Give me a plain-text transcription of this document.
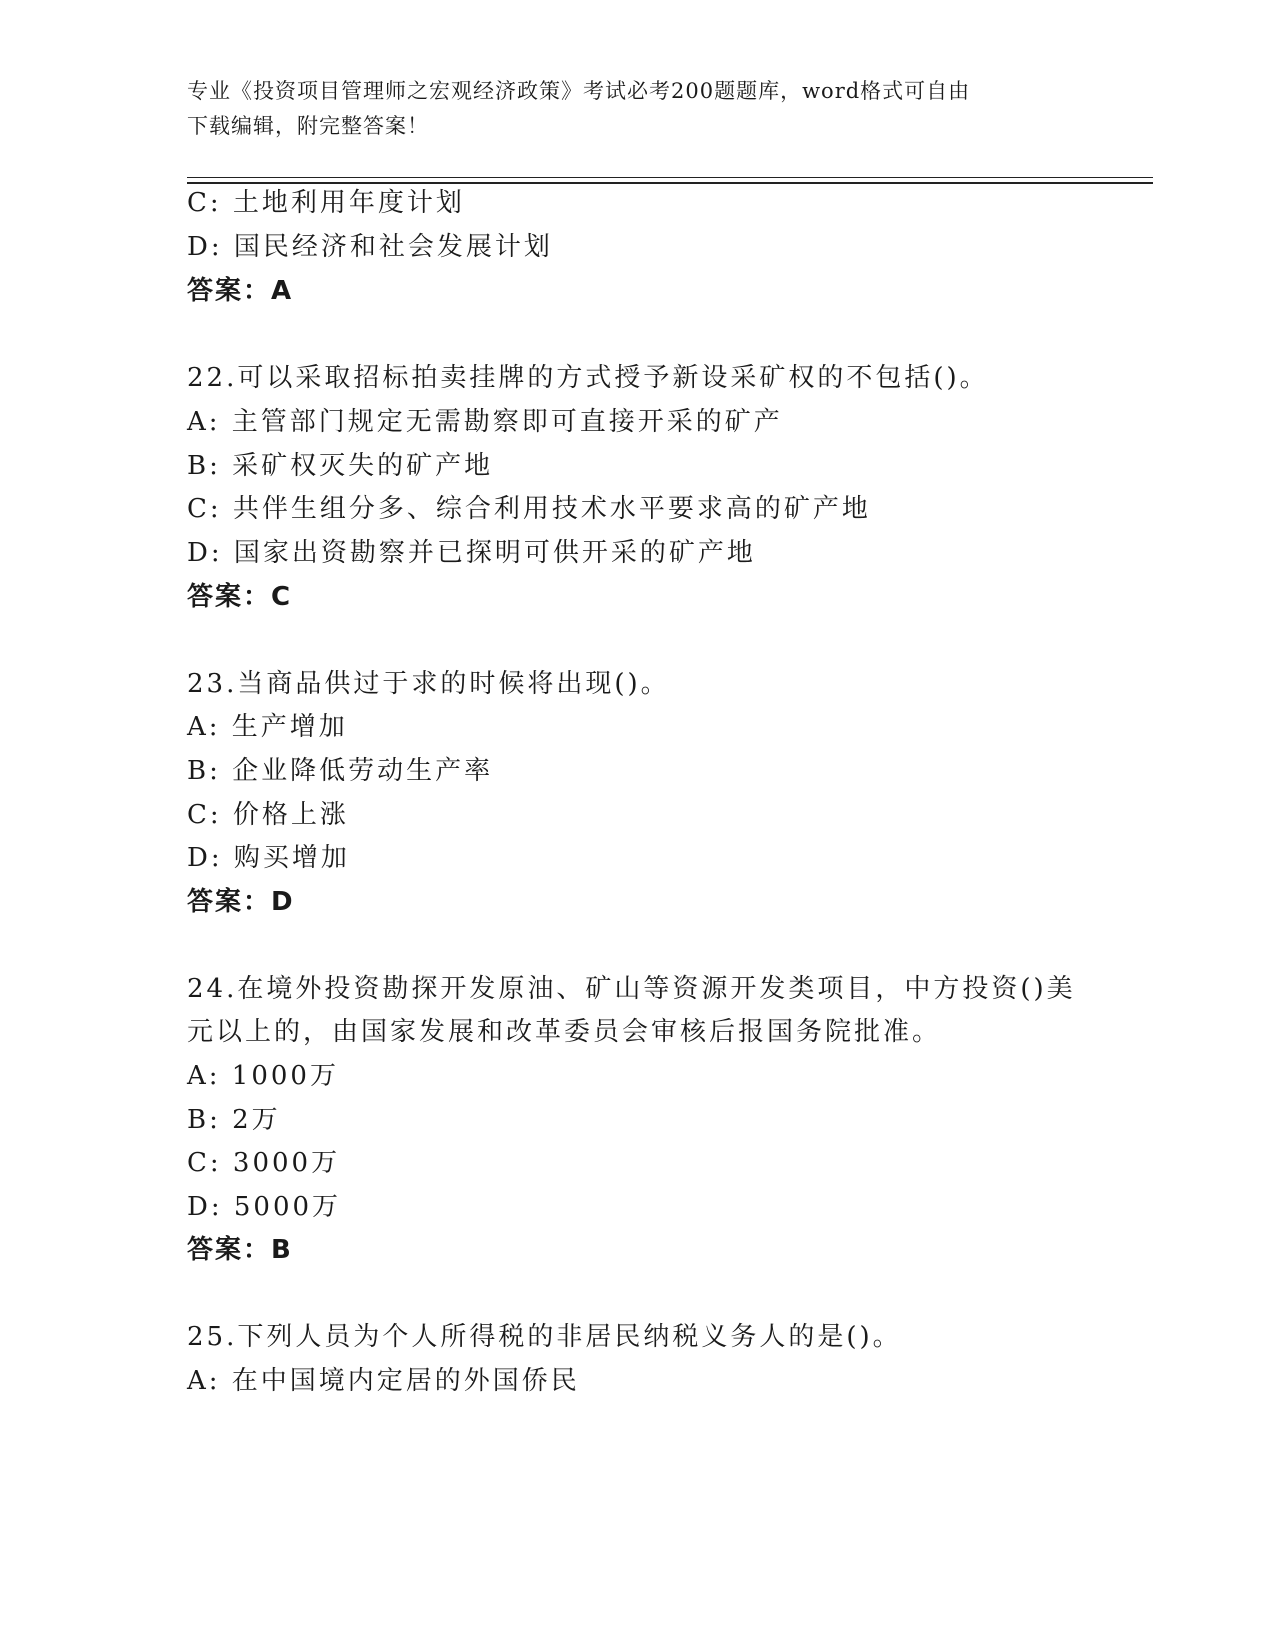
专业《投资项目管理师之宏观经济政策》考试必考200题题库，word格式可自由
下载编辑，附完整答案！
C: 土地利用年度计划
D: 国民经济和社会发展计划
答案：A
22.可以采取招标拍卖挂牌的方式授予新设采矿权的不包括()。
A: 主管部门规定无需勘察即可直接开采的矿产
B: 采矿权灭失的矿产地
C: 共伴生组分多、综合利用技术水平要求高的矿产地
D: 国家出资勘察并已探明可供开采的矿产地
答案：C
23.当商品供过于求的时候将出现()。
A: 生产增加
B: 企业降低劳动生产率
C: 价格上涨
D: 购买增加
答案：D
24.在境外投资勘探开发原油、矿山等资源开发类项目，中方投资()美
元以上的，由国家发展和改革委员会审核后报国务院批准。
A: 1000万
B: 2万
C: 3000万
D: 5000万
答案：B
25.下列人员为个人所得税的非居民纳税义务人的是()。
A: 在中国境内定居的外国侨民
